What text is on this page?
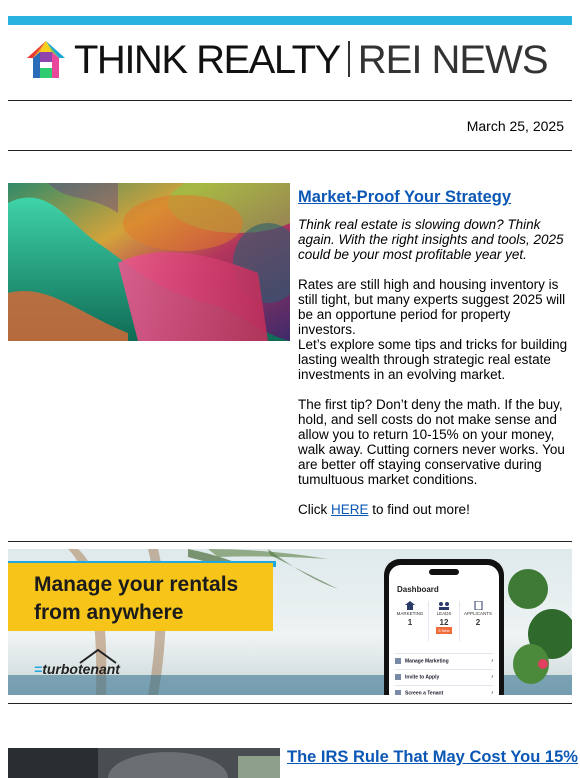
THINK REALTY REI NEWS
March 25, 2025
Market-Proof Your Strategy

Think real estate is slowing down? Think again. With the right insights and tools, 2025 could be your most profitable year yet.

Rates are still high and housing inventory is still tight, but many experts suggest 2025 will be an opportune period for property investors.
Let’s explore some tips and tricks for building lasting wealth through strategic real estate investments in an evolving market.

The first tip? Don’t deny the math. If the buy, hold, and sell costs do not make sense and allow you to return 10-15% on your money, walk away. Cutting corners never works. You are better off staying conservative during tumultuous market conditions.

Click HERE to find out more!

Manage your rentals
from anywhere
=turbotenant
Dashboard
MARKETING
1
LEADS
12
5 New
APPLICANTS
2
Manage Marketing	›
Invite to Apply	›
Screen a Tenant	›
The IRS Rule That May Cost You 15%
